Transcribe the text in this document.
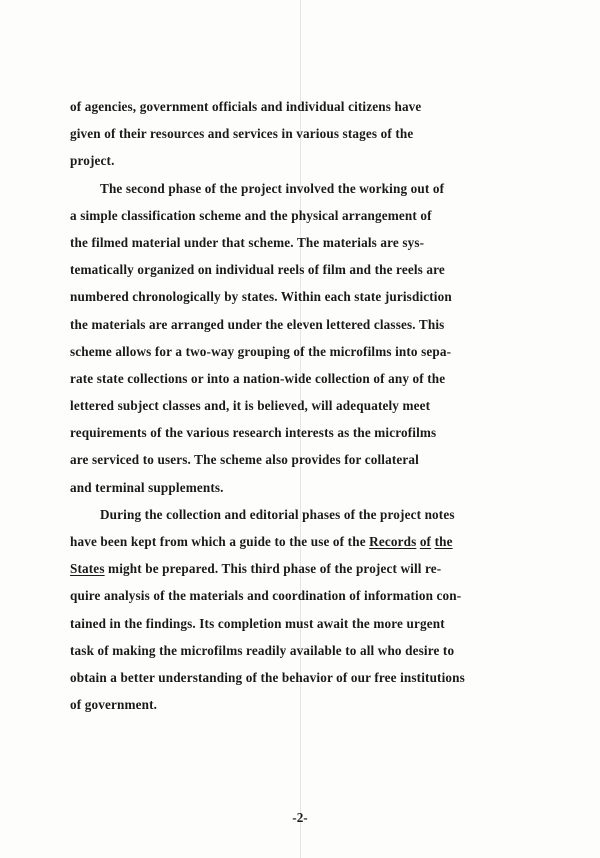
of agencies, government officials and individual citizens have
given of their resources and services in various stages of the
project.
The second phase of the project involved the working out of
a simple classification scheme and the physical arrangement of
the filmed material under that scheme. The materials are sys-
tematically organized on individual reels of film and the reels are
numbered chronologically by states. Within each state jurisdiction
the materials are arranged under the eleven lettered classes. This
scheme allows for a two-way grouping of the microfilms into sepa-
rate state collections or into a nation-wide collection of any of the
lettered subject classes and, it is believed, will adequately meet
requirements of the various research interests as the microfilms
are serviced to users. The scheme also provides for collateral
and terminal supplements.
During the collection and editorial phases of the project notes
have been kept from which a guide to the use of the Records of the
States might be prepared. This third phase of the project will re-
quire analysis of the materials and coordination of information con-
tained in the findings. Its completion must await the more urgent
task of making the microfilms readily available to all who desire to
obtain a better understanding of the behavior of our free institutions
of government.
-2-
